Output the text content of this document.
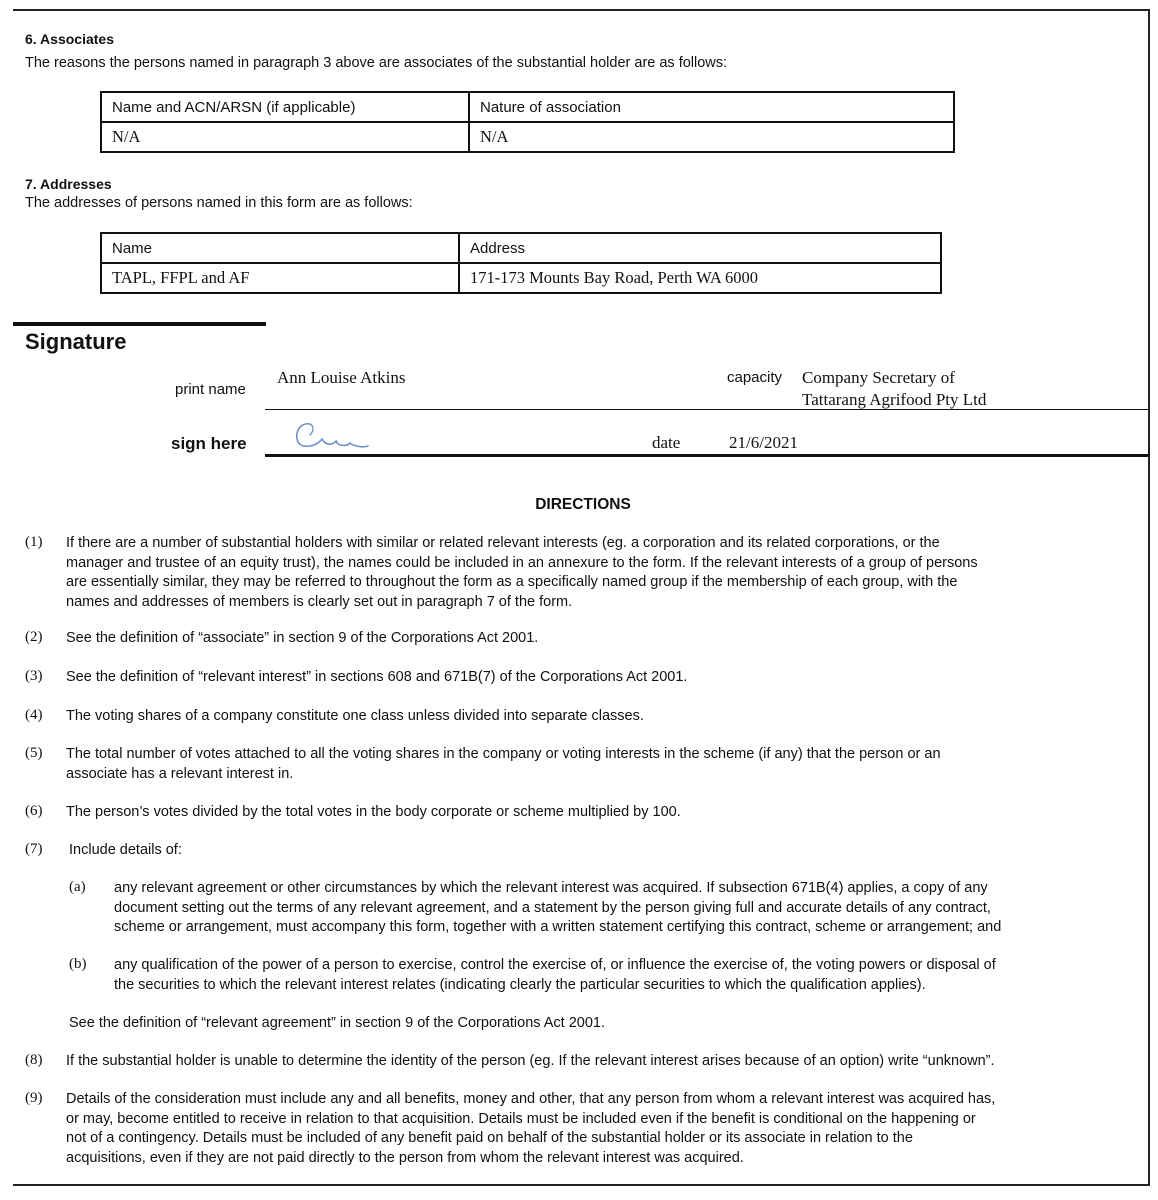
6. Associates
The reasons the persons named in paragraph 3 above are associates of the substantial holder are as follows:
Name and ACN/ARSN (if applicable)	Nature of association
N/A	N/A
7. Addresses
The addresses of persons named in this form are as follows:
Name	Address
TAPL, FFPL and AF	171-173 Mounts Bay Road, Perth WA 6000
Signature
print name
Ann Louise Atkins	capacity Company Secretary of
Tattarang Agrifood Pty Ltd
sign here	date	21/6/2021
DIRECTIONS
(1) If there are a number of substantial holders with similar or related relevant interests (eg. a corporation and its related corporations, or the
manager and trustee of an equity trust), the names could be included in an annexure to the form. If the relevant interests of a group of persons
are essentially similar, they may be referred to throughout the form as a specifically named group if the membership of each group, with the
names and addresses of members is clearly set out in paragraph 7 of the form.
(2) See the definition of “associate” in section 9 of the Corporations Act 2001.
(3) See the definition of “relevant interest” in sections 608 and 671B(7) of the Corporations Act 2001.
(4) The voting shares of a company constitute one class unless divided into separate classes.
(5) The total number of votes attached to all the voting shares in the company or voting interests in the scheme (if any) that the person or an
associate has a relevant interest in.
(6) The person’s votes divided by the total votes in the body corporate or scheme multiplied by 100.
(7) Include details of:
(a) any relevant agreement or other circumstances by which the relevant interest was acquired. If subsection 671B(4) applies, a copy of any
document setting out the terms of any relevant agreement, and a statement by the person giving full and accurate details of any contract,
scheme or arrangement, must accompany this form, together with a written statement certifying this contract, scheme or arrangement; and
(b) any qualification of the power of a person to exercise, control the exercise of, or influence the exercise of, the voting powers or disposal of
the securities to which the relevant interest relates (indicating clearly the particular securities to which the qualification applies).
See the definition of “relevant agreement” in section 9 of the Corporations Act 2001.
(8) If the substantial holder is unable to determine the identity of the person (eg. If the relevant interest arises because of an option) write “unknown”.
(9) Details of the consideration must include any and all benefits, money and other, that any person from whom a relevant interest was acquired has,
or may, become entitled to receive in relation to that acquisition. Details must be included even if the benefit is conditional on the happening or
not of a contingency. Details must be included of any benefit paid on behalf of the substantial holder or its associate in relation to the
acquisitions, even if they are not paid directly to the person from whom the relevant interest was acquired.
